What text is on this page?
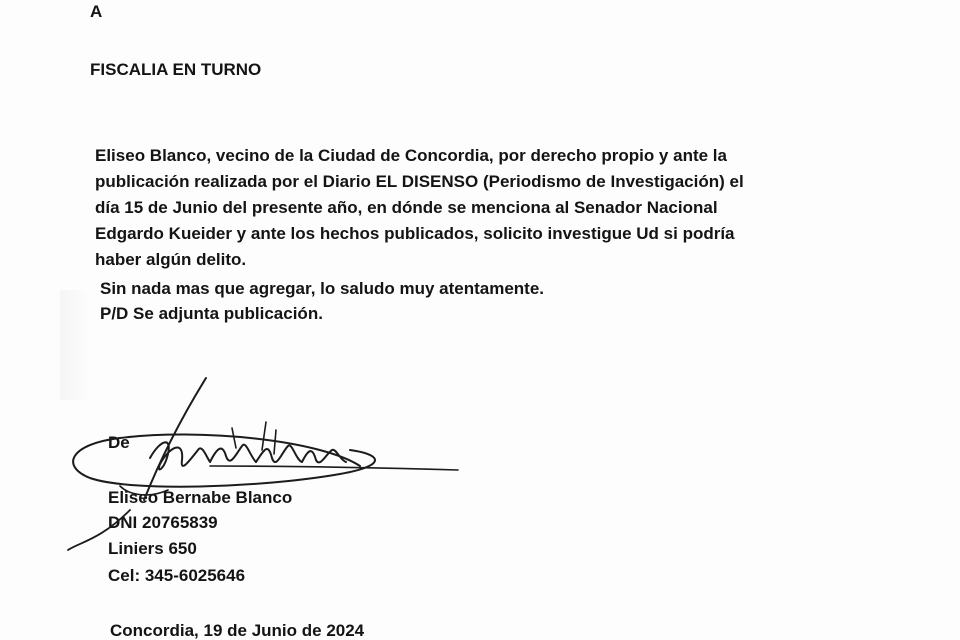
A

FISCALIA EN TURNO

Eliseo Blanco, vecino de la Ciudad de Concordia, por derecho propio y ante la

publicación realizada por el Diario EL DISENSO (Periodismo de Investigación) el

día 15 de Junio del presente año, en dónde se menciona al Senador Nacional

Edgardo Kueider y ante los hechos publicados, solicito investigue Ud si podría

haber algún delito.

Sin nada mas que agregar, lo saludo muy atentamente.

P/D Se adjunta publicación.

De

Eliseo Bernabe Blanco

DNI 20765839

Liniers 650

Cel: 345-6025646

Concordia, 19 de Junio de 2024
